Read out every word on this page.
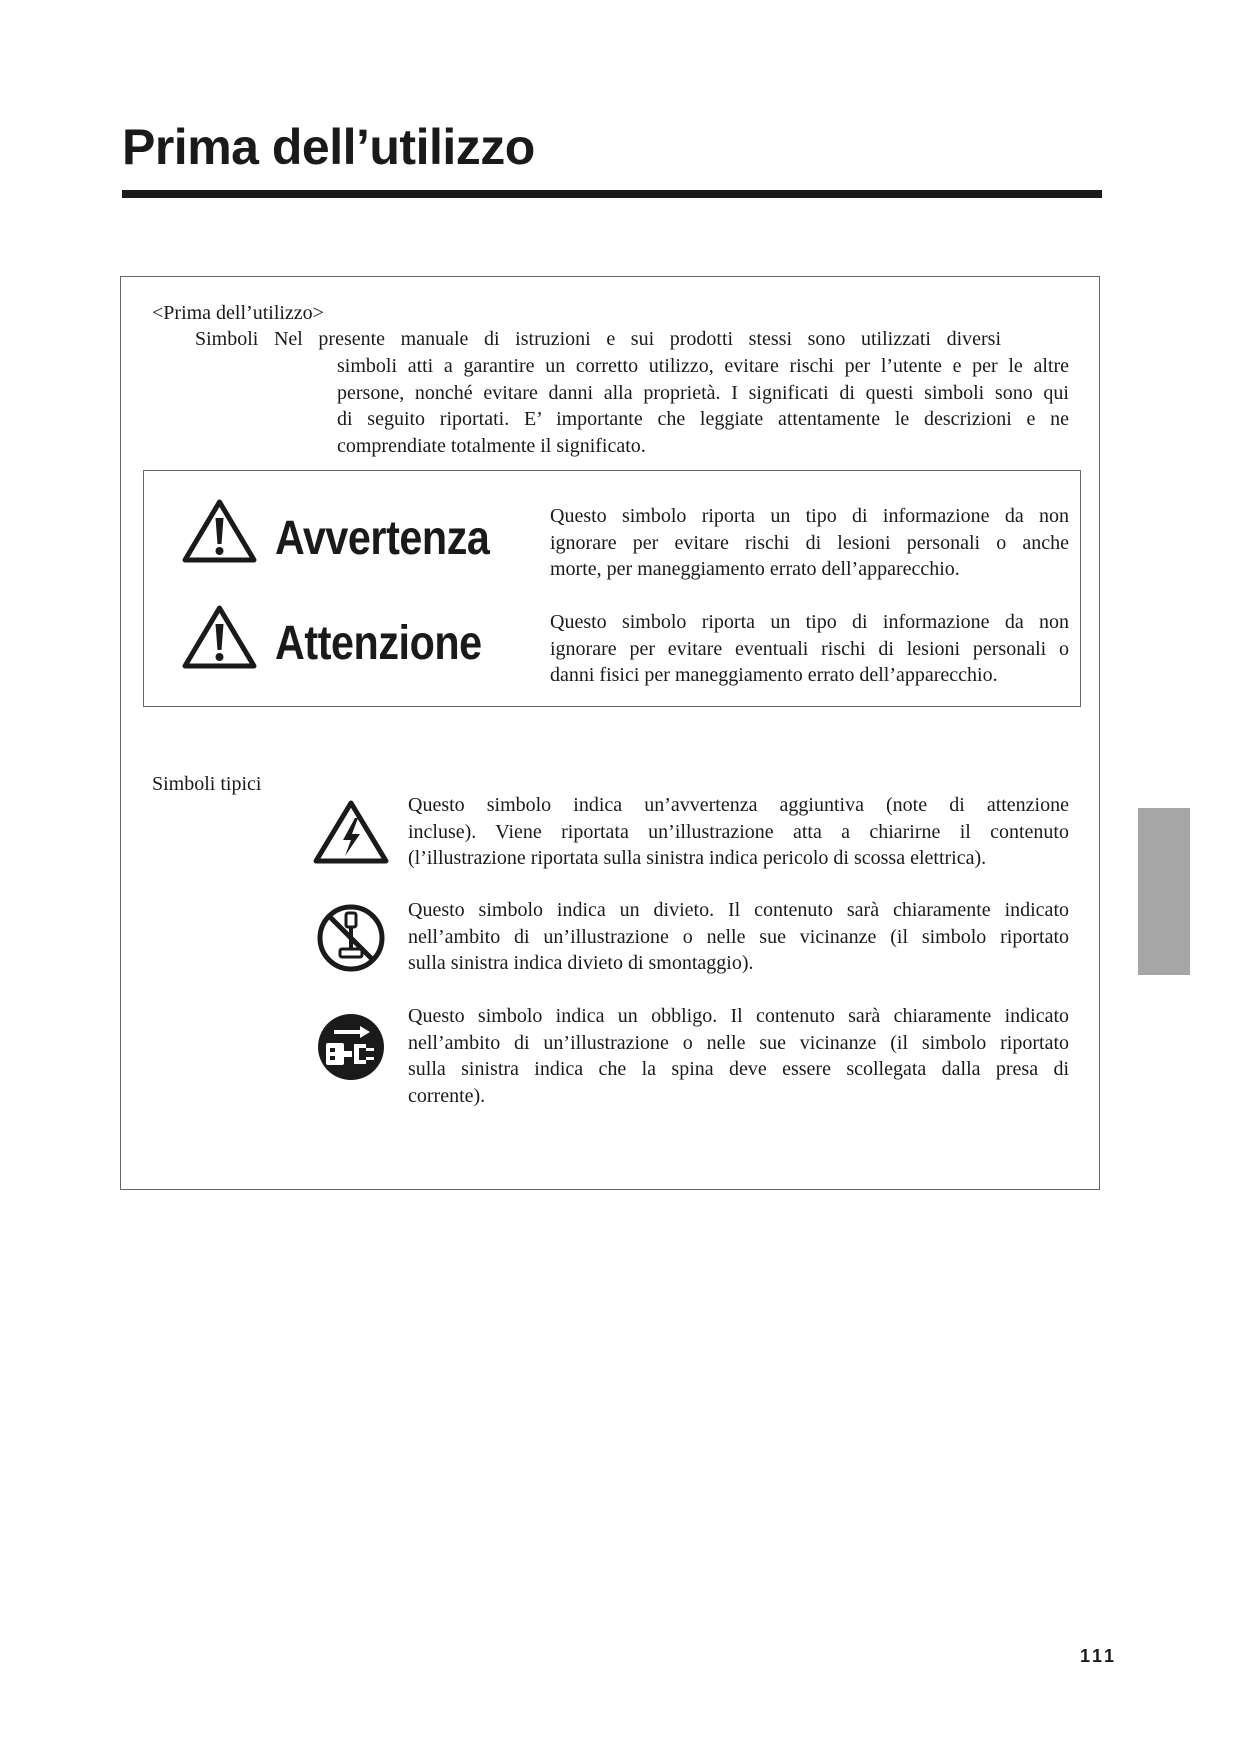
Prima dell’utilizzo
<Prima dell’utilizzo>
Simboli Nel presente manuale di istruzioni e sui prodotti stessi sono utilizzati diversi
simboli atti a garantire un corretto utilizzo, evitare rischi per l’utente e per le altre
persone, nonché evitare danni alla proprietà. I significati di questi simboli sono qui
di seguito riportati. E’ importante che leggiate attentamente le descrizioni e ne
comprendiate totalmente il significato.
Avvertenza	Questo simbolo riporta un tipo di informazione da non
ignorare per evitare rischi di lesioni personali o anche
morte, per maneggiamento errato dell’apparecchio.
Attenzione	Questo simbolo riporta un tipo di informazione da non
ignorare per evitare eventuali rischi di lesioni personali o
danni fisici per maneggiamento errato dell’apparecchio.
Simboli tipici
Questo simbolo indica un’avvertenza aggiuntiva (note di attenzione
incluse). Viene riportata un’illustrazione atta a chiarirne il contenuto
(l’illustrazione riportata sulla sinistra indica pericolo di scossa elettrica).
Questo simbolo indica un divieto. Il contenuto sarà chiaramente indicato
nell’ambito di un’illustrazione o nelle sue vicinanze (il simbolo riportato
sulla sinistra indica divieto di smontaggio).
Questo simbolo indica un obbligo. Il contenuto sarà chiaramente indicato
nell’ambito di un’illustrazione o nelle sue vicinanze (il simbolo riportato
sulla sinistra indica che la spina deve essere scollegata dalla presa di
corrente).
111
